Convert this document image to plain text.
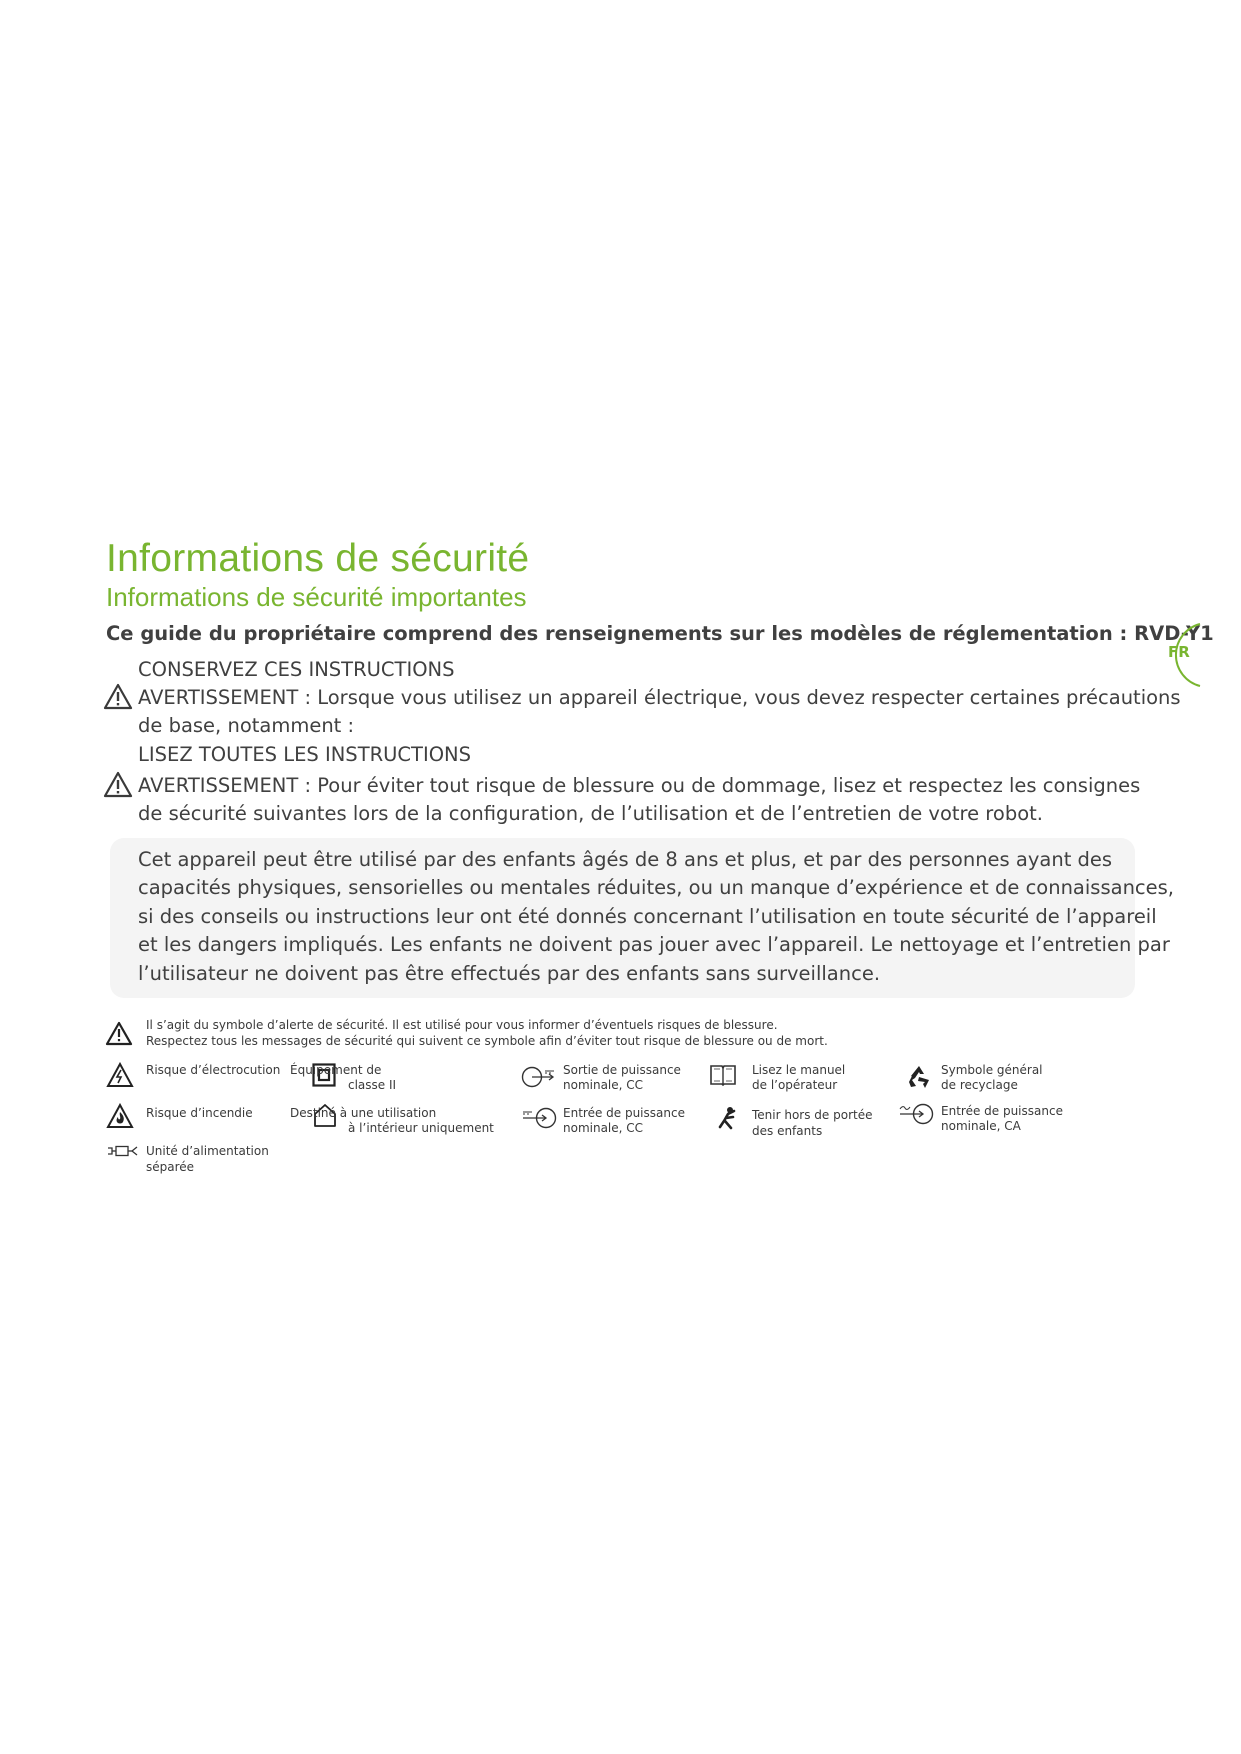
Informations de sécurité
Informations de sécurité importantes
Ce guide du propriétaire comprend des renseignements sur les modèles de réglementation : RVD-Y1
FR
CONSERVEZ CES INSTRUCTIONS
AVERTISSEMENT : Lorsque vous utilisez un appareil électrique, vous devez respecter certaines précautions
de base, notamment :
LISEZ TOUTES LES INSTRUCTIONS
AVERTISSEMENT : Pour éviter tout risque de blessure ou de dommage, lisez et respectez les consignes
de sécurité suivantes lors de la configuration, de l’utilisation et de l’entretien de votre robot.
Cet appareil peut être utilisé par des enfants âgés de 8 ans et plus, et par des personnes ayant des
capacités physiques, sensorielles ou mentales réduites, ou un manque d’expérience et de connaissances,
si des conseils ou instructions leur ont été donnés concernant l’utilisation en toute sécurité de l’appareil
et les dangers impliqués. Les enfants ne doivent pas jouer avec l’appareil. Le nettoyage et l’entretien par
l’utilisateur ne doivent pas être effectués par des enfants sans surveillance.
Il s’agit du symbole d’alerte de sécurité. Il est utilisé pour vous informer d’éventuels risques de blessure.
Respectez tous les messages de sécurité qui suivent ce symbole afin d’éviter tout risque de blessure ou de mort.
Risque d’électrocution Équipement de
classe II
Sortie de puissance
nominale, CC
Lisez le manuel
de l’opérateur
Symbole général
de recyclage
Risque d’incendie	Destiné à une utilisation
à l’intérieur uniquement
Entrée de puissance
nominale, CC
Tenir hors de portée
des enfants
Entrée de puissance
nominale, CA
Unité d’alimentation
séparée
